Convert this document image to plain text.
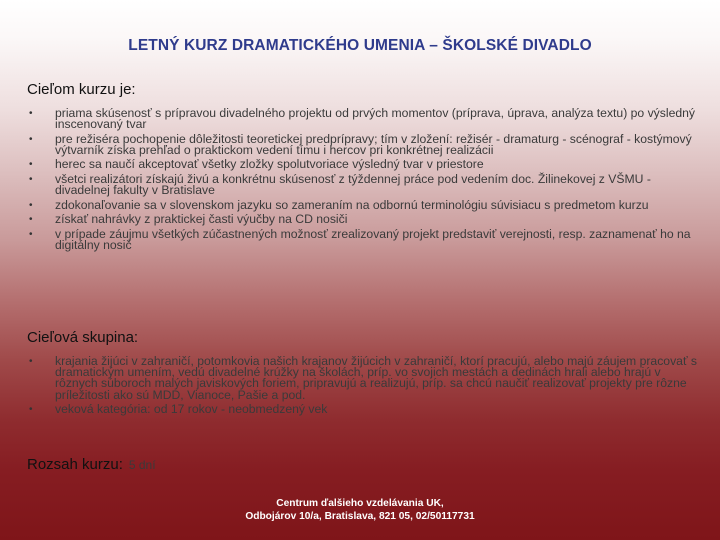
LETNÝ KURZ DRAMATICKÉHO UMENIA – ŠKOLSKÉ DIVADLO
Cieľom kurzu je:
• priama skúsenosť s prípravou divadelného projektu od prvých momentov (príprava, úprava, analýza textu) po výsledný inscenovaný tvar
• pre režiséra pochopenie dôležitosti teoretickej predprípravy; tím v zložení: režisér - dramaturg - scénograf - kostýmový výtvarník získa prehľad o praktickom vedení tímu i hercov pri konkrétnej realizácii
• herec sa naučí akceptovať všetky zložky spolutvoriace výsledný tvar v priestore
• všetci realizátori získajú živú a konkrétnu skúsenosť z týždennej práce pod vedením doc. Žilinekovej z VŠMU - divadelnej fakulty v Bratislave
• zdokonaľovanie sa v slovenskom jazyku so zameraním na odbornú terminológiu súvisiacu s predmetom kurzu
• získať nahrávky z praktickej časti výučby na CD nosiči
• v prípade záujmu všetkých zúčastnených možnosť zrealizovaný projekt predstaviť verejnosti, resp. zaznamenať ho na digitálny nosič
Cieľová skupina:
• krajania žijúci v zahraničí, potomkovia našich krajanov žijúcich v zahraničí, ktorí pracujú, alebo majú záujem pracovať s dramatickým umením, vedú divadelné krúžky na školách, príp. vo svojich mestách a dedinách hrali alebo hrajú v rôznych súboroch malých javiskových foriem, pripravujú a realizujú, príp. sa chcú naučiť realizovať projekty pre rôzne príležitosti ako sú MDD, Vianoce, Pašie a pod.
• veková kategória: od 17 rokov - neobmedzený vek
Rozsah kurzu: 5 dní
Centrum ďalšieho vzdelávania UK,
Odbojárov 10/a, Bratislava, 821 05, 02/50117731
